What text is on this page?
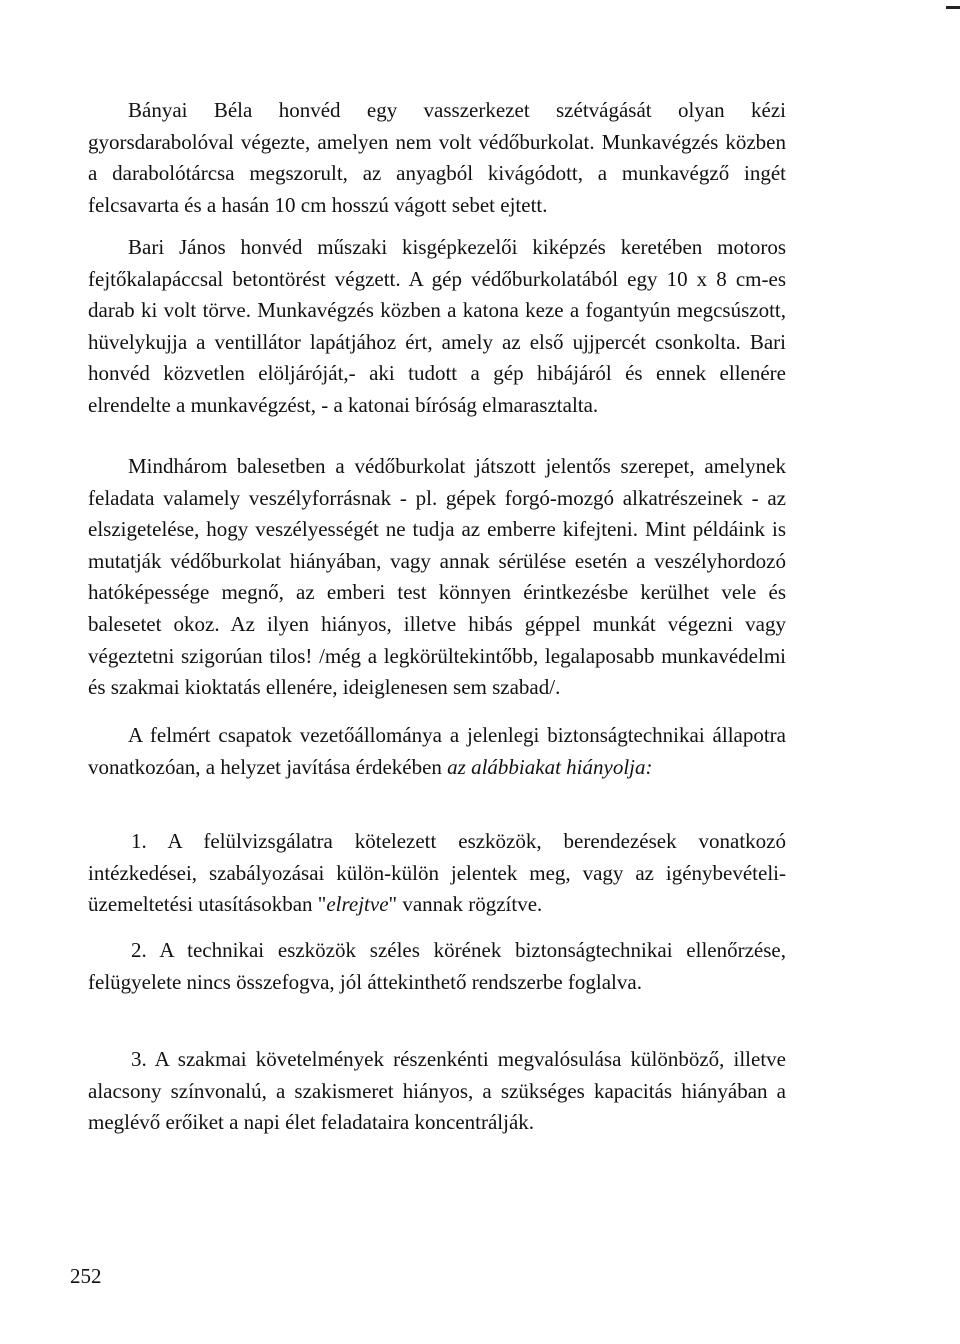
Bányai Béla honvéd egy vasszerkezet szétvágását olyan kézi gyorsdarabolóval végezte, amelyen nem volt védőburkolat. Munkavégzés közben a darabolótárcsa megszorult, az anyagból kivágódott, a munkavégző ingét felcsavarta és a hasán 10 cm hosszú vágott sebet ejtett.

Bari János honvéd műszaki kisgépkezelői kiképzés keretében motoros fejtőkalapáccsal betontörést végzett. A gép védőburkolatából egy 10 x 8 cm-es darab ki volt törve. Munkavégzés közben a katona keze a fogantyún megcsúszott, hüvelykujja a ventillátor lapátjához ért, amely az első ujjpercét csonkolta. Bari honvéd közvetlen elöljáróját,- aki tudott a gép hibájáról és ennek ellenére elrendelte a munkavégzést, - a katonai bíróság elmarasztalta.

Mindhárom balesetben a védőburkolat játszott jelentős szerepet, amelynek feladata valamely veszélyforrásnak - pl. gépek forgó-mozgó alkatrészeinek - az elszigetelése, hogy veszélyességét ne tudja az emberre kifejteni. Mint példáink is mutatják védőburkolat hiányában, vagy annak sérülése esetén a veszélyhordozó hatóképessége megnő, az emberi test könnyen érintkezésbe kerülhet vele és balesetet okoz. Az ilyen hiányos, illetve hibás géppel munkát végezni vagy végeztetni szigorúan tilos! /még a legkörültekintőbb, legalaposabb munkavédelmi és szakmai kioktatás ellenére, ideiglenesen sem szabad/.

A felmért csapatok vezetőállománya a jelenlegi biztonságtechnikai állapotra vonatkozóan, a helyzet javítása érdekében az alábbiakat hiányolja:

1. A felülvizsgálatra kötelezett eszközök, berendezések vonatkozó intézkedései, szabályozásai külön-külön jelentek meg, vagy az igénybevételi-üzemeltetési utasításokban "elrejtve" vannak rögzítve.

2. A technikai eszközök széles körének biztonságtechnikai ellenőrzése, felügyelete nincs összefogva, jól áttekinthető rendszerbe foglalva.

3. A szakmai követelmények részenkénti megvalósulása különböző, illetve alacsony színvonalú, a szakismeret hiányos, a szükséges kapacitás hiányában a meglévő erőiket a napi élet feladataira koncentrálják.

252
